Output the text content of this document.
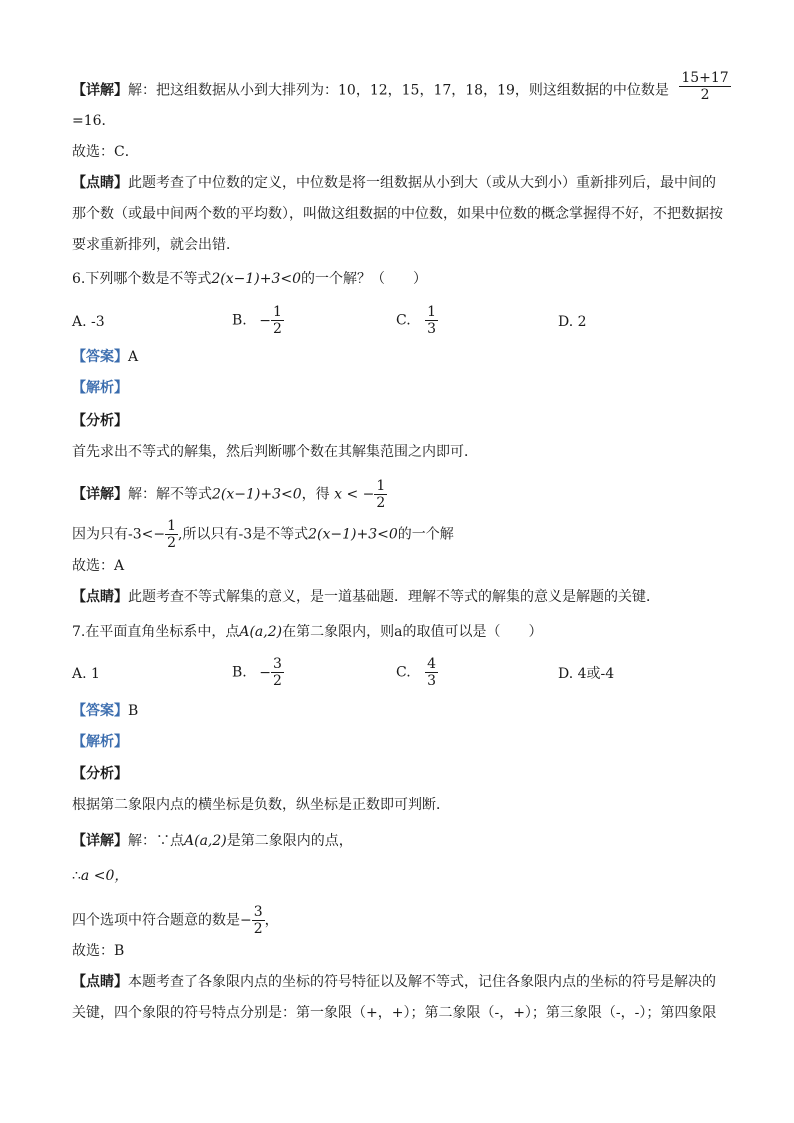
【详解】解：把这组数据从小到大排列为：10，12，15，17，18，19，则这组数据的中位数是 $\frac{15+17}{2}$
=16．
故选：C．
【点睛】此题考查了中位数的定义，中位数是将一组数据从小到大（或从大到小）重新排列后，最中间的
那个数（或最中间两个数的平均数），叫做这组数据的中位数，如果中位数的概念掌握得不好，不把数据按
要求重新排列，就会出错．
6.下列哪个数是不等式2(x−1)+3<0的一个解？（　　）
A. -3	B. − $\frac{1}{2}$	C. $\frac{1}{3}$	D. 2
【答案】A
【解析】
【分析】
首先求出不等式的解集，然后判断哪个数在其解集范围之内即可．
【详解】解：解不等式2(x−1)+3<0，得 x < − $\frac{1}{2}$
因为只有$-3<- \frac{1}{2}$ ,所以只有-3是不等式2(x−1)+3<0的一个解
故选：A
【点睛】此题考查不等式解集的意义，是一道基础题．理解不等式的解集的意义是解题的关键．
7.在平面直角坐标系中，点A(a,2)在第二象限内，则a的取值可以是（　　）
A. 1	B. − $\frac{3}{2}$	C. $\frac{4}{3}$	D. 4或-4
【答案】B
【解析】
【分析】
根据第二象限内点的横坐标是负数，纵坐标是正数即可判断．
【详解】解：∵点A(a,2)是第二象限内的点，
∴a <0，
四个选项中符合题意的数是− $\frac{3}{2}$ ，
故选：B
【点睛】本题考查了各象限内点的坐标的符号特征以及解不等式，记住各象限内点的坐标的符号是解决的
关键，四个象限的符号特点分别是：第一象限（+，+）；第二象限（-，+）；第三象限（-，-）；第四象限
